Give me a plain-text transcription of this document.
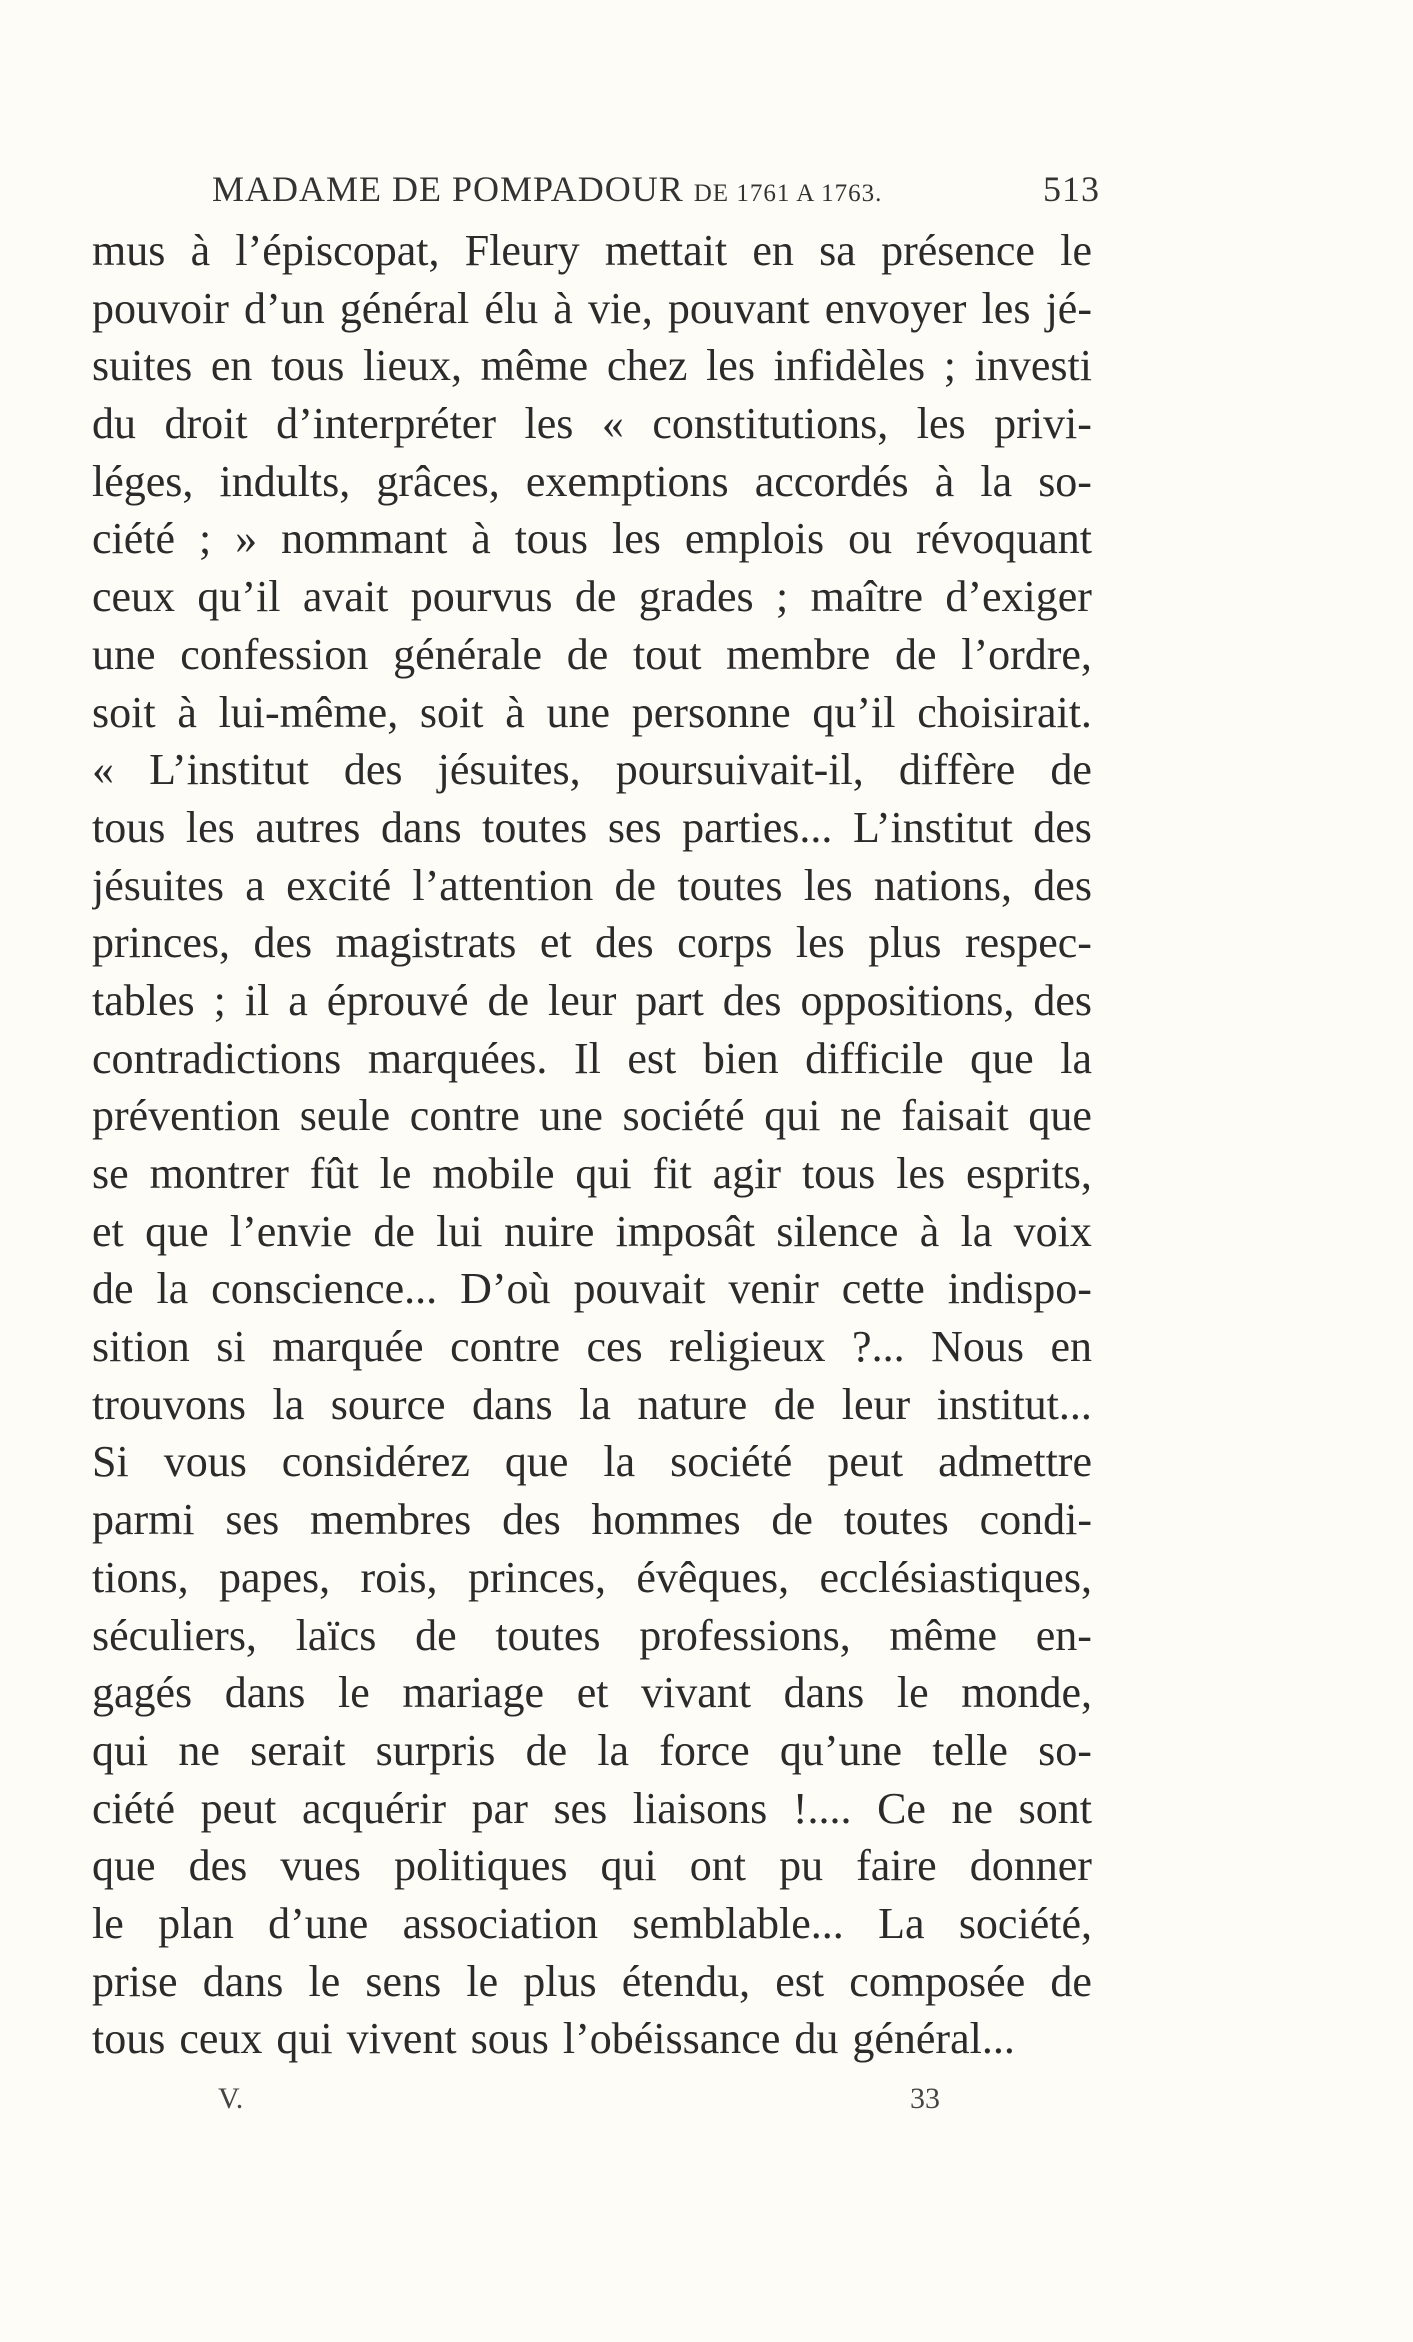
MADAME DE POMPADOUR DE 1761 A 1763.	513
mus à l’épiscopat, Fleury mettait en sa présence le
pouvoir d’un général élu à vie, pouvant envoyer les jé-
suites en tous lieux, même chez les infidèles ; investi
du droit d’interpréter les « constitutions, les privi-
léges, indults, grâces, exemptions accordés à la so-
ciété ; » nommant à tous les emplois ou révoquant
ceux qu’il avait pourvus de grades ; maître d’exiger
une confession générale de tout membre de l’ordre,
soit à lui-même, soit à une personne qu’il choisirait.
« L’institut des jésuites, poursuivait-il, diffère de
tous les autres dans toutes ses parties... L’institut des
jésuites a excité l’attention de toutes les nations, des
princes, des magistrats et des corps les plus respec-
tables ; il a éprouvé de leur part des oppositions, des
contradictions marquées. Il est bien difficile que la
prévention seule contre une société qui ne faisait que
se montrer fût le mobile qui fit agir tous les esprits,
et que l’envie de lui nuire imposât silence à la voix
de la conscience... D’où pouvait venir cette indispo-
sition si marquée contre ces religieux ?... Nous en
trouvons la source dans la nature de leur institut...
Si vous considérez que la société peut admettre
parmi ses membres des hommes de toutes condi-
tions, papes, rois, princes, évêques, ecclésiastiques,
séculiers, laïcs de toutes professions, même en-
gagés dans le mariage et vivant dans le monde,
qui ne serait surpris de la force qu’une telle so-
ciété peut acquérir par ses liaisons !.... Ce ne sont
que des vues politiques qui ont pu faire donner
le plan d’une association semblable... La société,
prise dans le sens le plus étendu, est composée de
tous ceux qui vivent sous l’obéissance du général...
V.	33
